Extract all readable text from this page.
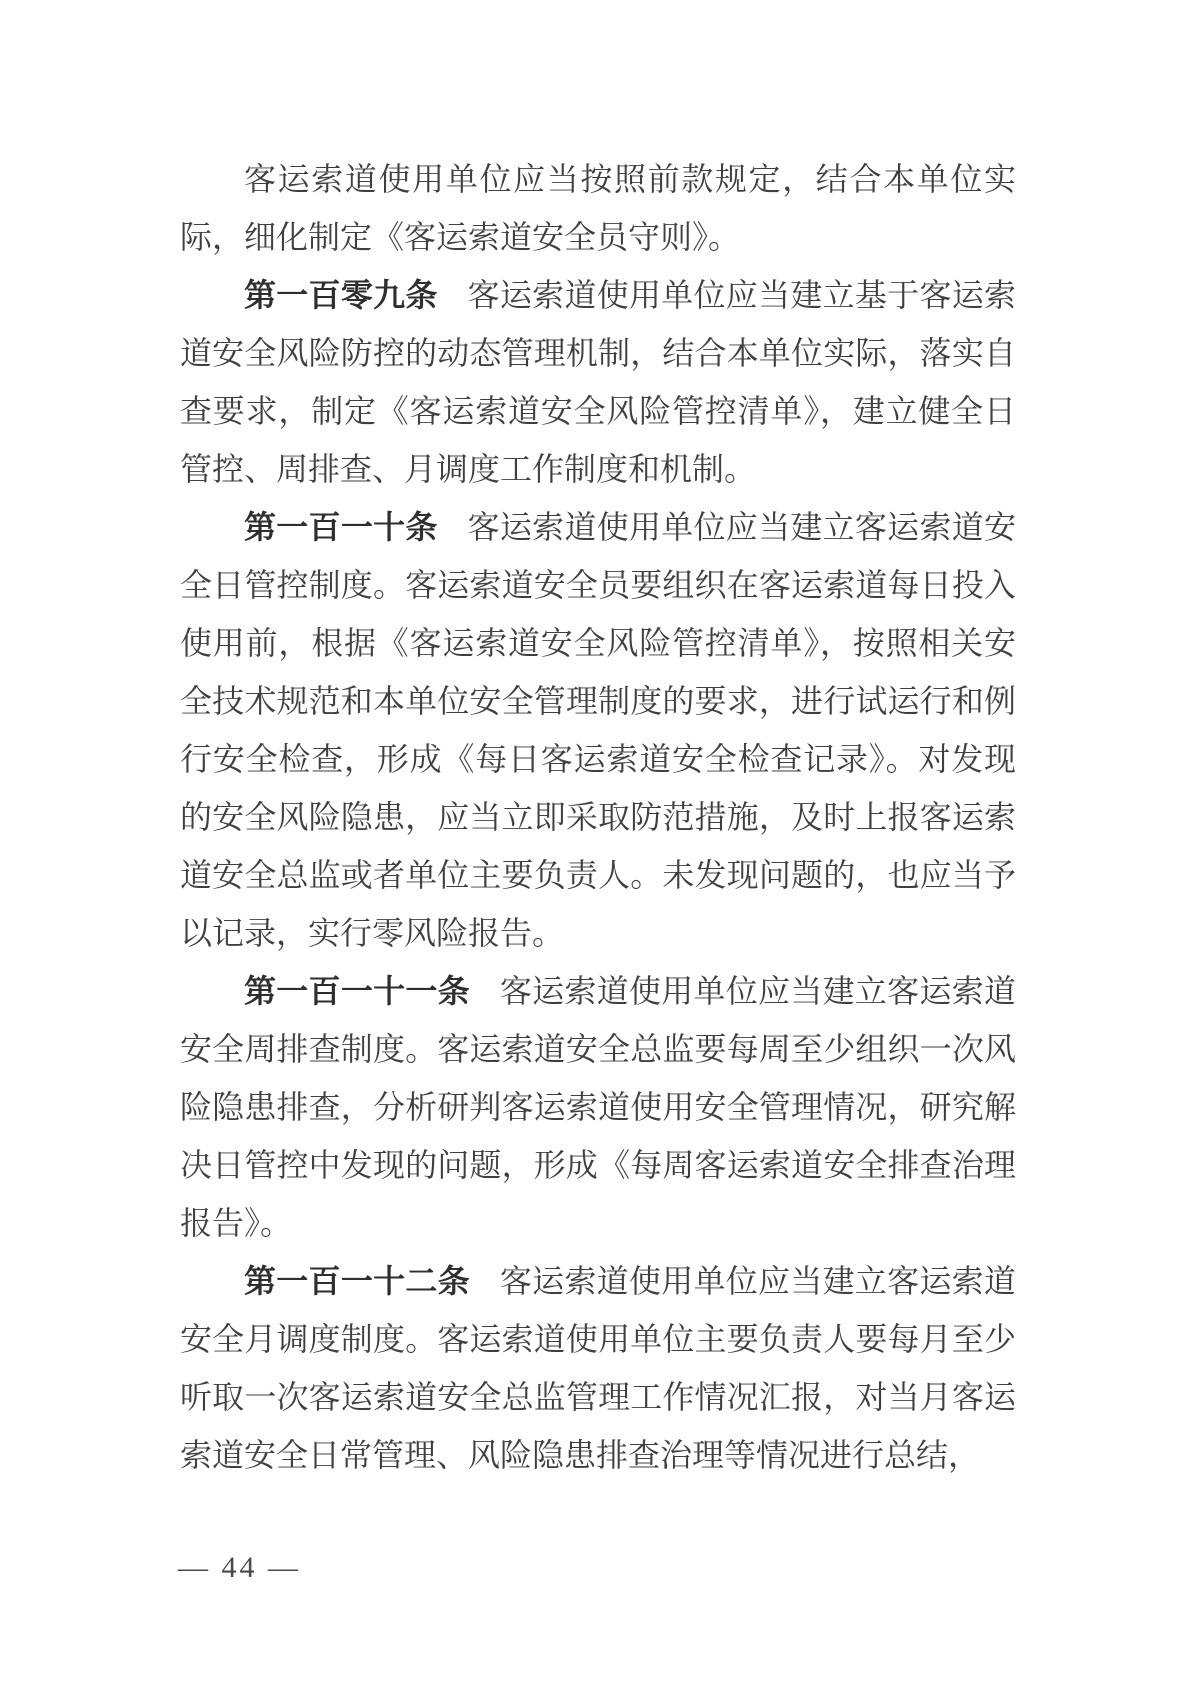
客运索道使用单位应当按照前款规定，结合本单位实际，细化制定《客运索道安全员守则》。

第一百零九条 客运索道使用单位应当建立基于客运索道安全风险防控的动态管理机制，结合本单位实际，落实自查要求，制定《客运索道安全风险管控清单》，建立健全日管控、周排查、月调度工作制度和机制。

第一百一十条 客运索道使用单位应当建立客运索道安全日管控制度。客运索道安全员要组织在客运索道每日投入使用前，根据《客运索道安全风险管控清单》，按照相关安全技术规范和本单位安全管理制度的要求，进行试运行和例行安全检查，形成《每日客运索道安全检查记录》。对发现的安全风险隐患，应当立即采取防范措施，及时上报客运索道安全总监或者单位主要负责人。未发现问题的，也应当予以记录，实行零风险报告。

第一百一十一条 客运索道使用单位应当建立客运索道安全周排查制度。客运索道安全总监要每周至少组织一次风险隐患排查，分析研判客运索道使用安全管理情况，研究解决日管控中发现的问题，形成《每周客运索道安全排查治理报告》。

第一百一十二条 客运索道使用单位应当建立客运索道安全月调度制度。客运索道使用单位主要负责人要每月至少听取一次客运索道安全总监管理工作情况汇报，对当月客运索道安全日常管理、风险隐患排查治理等情况进行总结，

— 44 —
